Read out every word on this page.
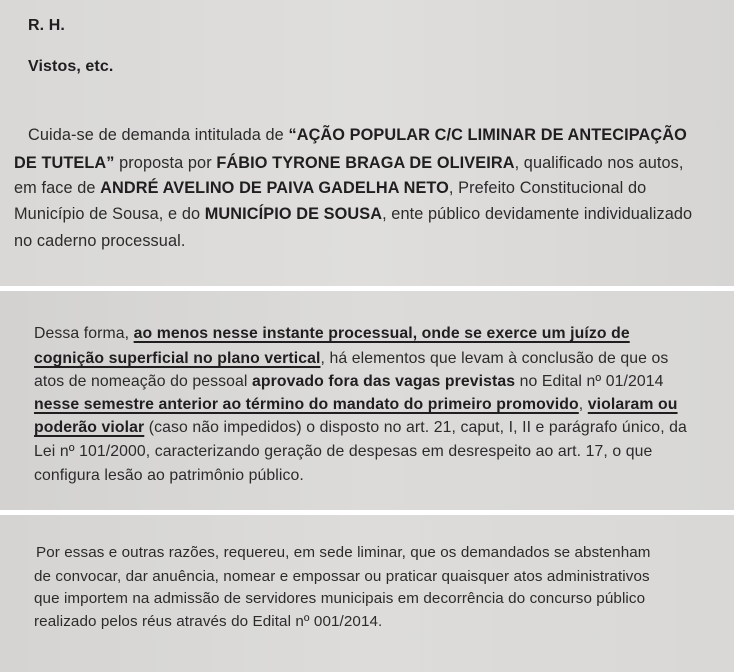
R. H.

Vistos, etc.

Cuida-se de demanda intitulada de “AÇÃO POPULAR C/C LIMINAR DE ANTECIPAÇÃO

DE TUTELA” proposta por FÁBIO TYRONE BRAGA DE OLIVEIRA, qualificado nos autos,

em face de ANDRÉ AVELINO DE PAIVA GADELHA NETO, Prefeito Constitucional do

Município de Sousa, e do MUNICÍPIO DE SOUSA, ente público devidamente individualizado

no caderno processual.

Dessa forma, ao menos nesse instante processual, onde se exerce um juízo de

cognição superficial no plano vertical, há elementos que levam à conclusão de que os

atos de nomeação do pessoal aprovado fora das vagas previstas no Edital nº 01/2014

nesse semestre anterior ao término do mandato do primeiro promovido, violaram ou

poderão violar (caso não impedidos) o disposto no art. 21, caput, I, II e parágrafo único, da

Lei nº 101/2000, caracterizando geração de despesas em desrespeito ao art. 17, o que

configura lesão ao patrimônio público.

Por essas e outras razões, requereu, em sede liminar, que os demandados se abstenham

de convocar, dar anuência, nomear e empossar ou praticar quaisquer atos administrativos

que importem na admissão de servidores municipais em decorrência do concurso público

realizado pelos réus através do Edital nº 001/2014.
